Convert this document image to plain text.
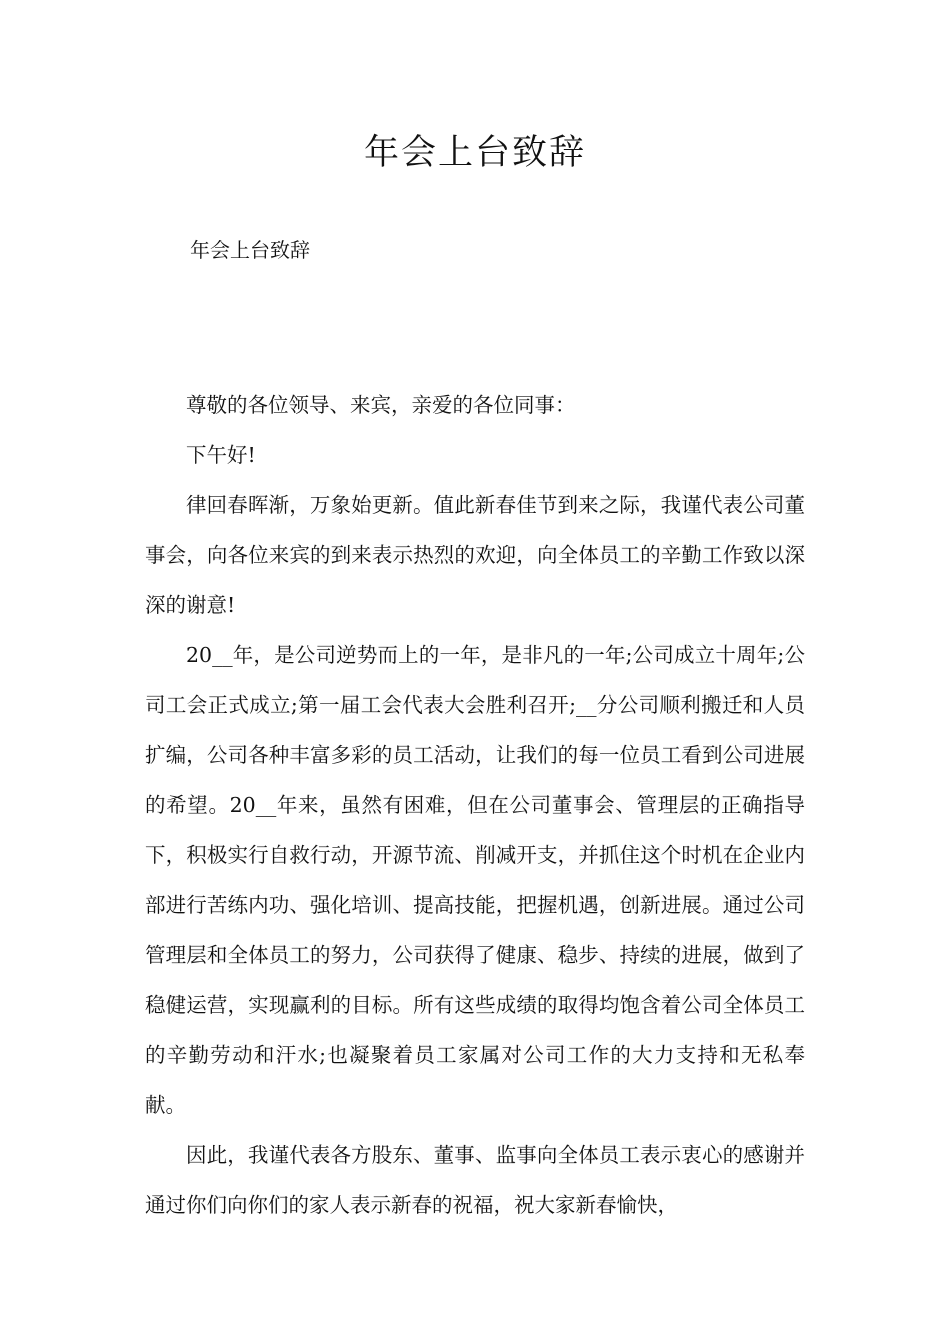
年会上台致辞
年会上台致辞

尊敬的各位领导、来宾，亲爱的各位同事：

下午好!

律回春晖渐，万象始更新。值此新春佳节到来之际，我谨代表公司董事会，向各位来宾的到来表示热烈的欢迎，向全体员工的辛勤工作致以深深的谢意!

20__年，是公司逆势而上的一年，是非凡的一年;公司成立十周年;公司工会正式成立;第一届工会代表大会胜利召开;__分公司顺利搬迁和人员扩编，公司各种丰富多彩的员工活动，让我们的每一位员工看到公司进展的希望。20__年来，虽然有困难，但在公司董事会、管理层的正确指导下，积极实行自救行动，开源节流、削减开支，并抓住这个时机在企业内部进行苦练内功、强化培训、提高技能，把握机遇，创新进展。通过公司管理层和全体员工的努力，公司获得了健康、稳步、持续的进展，做到了稳健运营，实现赢利的目标。所有这些成绩的取得均饱含着公司全体员工的辛勤劳动和汗水;也凝聚着员工家属对公司工作的大力支持和无私奉献。

因此，我谨代表各方股东、董事、监事向全体员工表示衷心的感谢并通过你们向你们的家人表示新春的祝福，祝大家新春愉快，
